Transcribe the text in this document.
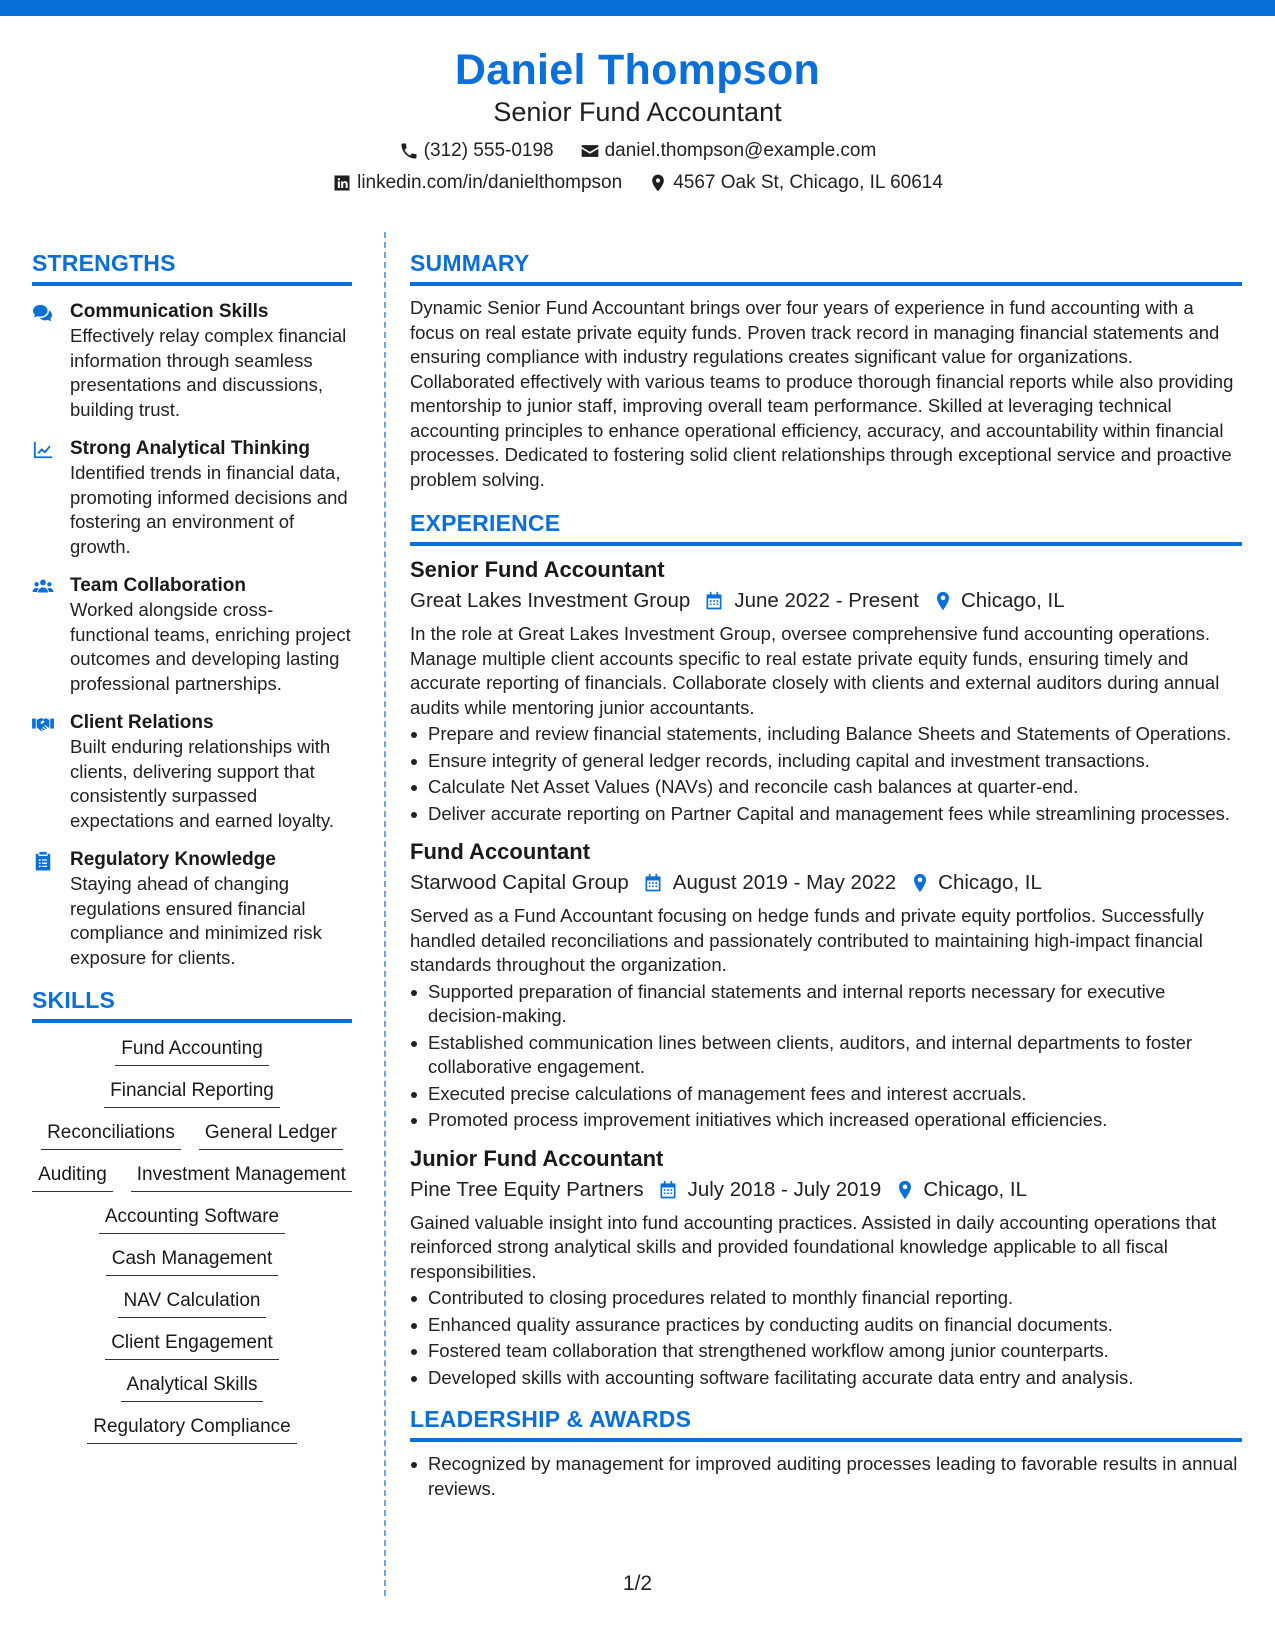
Daniel Thompson
Senior Fund Accountant
(312) 555-0198	daniel.thompson@example.com
linkedin.com/in/danielthompson	4567 Oak St, Chicago, IL 60614
STRENGTHS
Communication Skills
Effectively relay complex financial information through seamless presentations and discussions, building trust.
Strong Analytical Thinking
Identified trends in financial data, promoting informed decisions and fostering an environment of growth.
Team Collaboration
Worked alongside cross-functional teams, enriching project outcomes and developing lasting professional partnerships.
Client Relations
Built enduring relationships with clients, delivering support that consistently surpassed expectations and earned loyalty.
Regulatory Knowledge
Staying ahead of changing regulations ensured financial compliance and minimized risk exposure for clients.
SKILLS
Fund Accounting
Financial Reporting
Reconciliations	General Ledger
Auditing	Investment Management
Accounting Software
Cash Management
NAV Calculation
Client Engagement
Analytical Skills
Regulatory Compliance
SUMMARY
Dynamic Senior Fund Accountant brings over four years of experience in fund accounting with a focus on real estate private equity funds. Proven track record in managing financial statements and ensuring compliance with industry regulations creates significant value for organizations. Collaborated effectively with various teams to produce thorough financial reports while also providing mentorship to junior staff, improving overall team performance. Skilled at leveraging technical accounting principles to enhance operational efficiency, accuracy, and accountability within financial processes. Dedicated to fostering solid client relationships through exceptional service and proactive problem solving.
EXPERIENCE
Senior Fund Accountant
Great Lakes Investment Group June 2022 - Present Chicago, IL
In the role at Great Lakes Investment Group, oversee comprehensive fund accounting operations. Manage multiple client accounts specific to real estate private equity funds, ensuring timely and accurate reporting of financials. Collaborate closely with clients and external auditors during annual audits while mentoring junior accountants.
Prepare and review financial statements, including Balance Sheets and Statements of Operations.
Ensure integrity of general ledger records, including capital and investment transactions.
Calculate Net Asset Values (NAVs) and reconcile cash balances at quarter-end.
Deliver accurate reporting on Partner Capital and management fees while streamlining processes.
Fund Accountant
Starwood Capital Group August 2019 - May 2022 Chicago, IL
Served as a Fund Accountant focusing on hedge funds and private equity portfolios. Successfully handled detailed reconciliations and passionately contributed to maintaining high-impact financial standards throughout the organization.
Supported preparation of financial statements and internal reports necessary for executive decision-making.
Established communication lines between clients, auditors, and internal departments to foster collaborative engagement.
Executed precise calculations of management fees and interest accruals.
Promoted process improvement initiatives which increased operational efficiencies.
Junior Fund Accountant
Pine Tree Equity Partners July 2018 - July 2019 Chicago, IL
Gained valuable insight into fund accounting practices. Assisted in daily accounting operations that reinforced strong analytical skills and provided foundational knowledge applicable to all fiscal responsibilities.
Contributed to closing procedures related to monthly financial reporting.
Enhanced quality assurance practices by conducting audits on financial documents.
Fostered team collaboration that strengthened workflow among junior counterparts.
Developed skills with accounting software facilitating accurate data entry and analysis.
LEADERSHIP & AWARDS
Recognized by management for improved auditing processes leading to favorable results in annual reviews.
1/2
